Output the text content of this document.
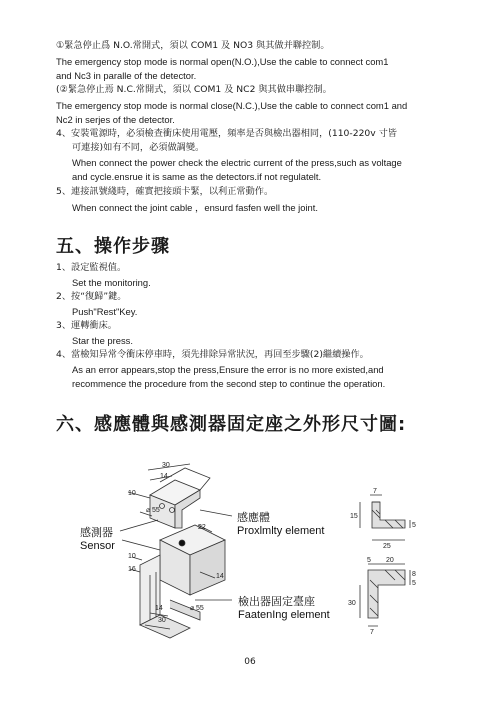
①緊急停止爲 N.O.常開式，須以 COM1 及 NO3 與其做并聯控制。
The emergency stop mode is normal open(N.O.),Use the cable to connect com1
and Nc3 in paralle of the detector.
(②緊急停止焉 N.C.常開式，須以 COM1 及 NC2 與其做串聯控制。
The emergency stop mode is normal close(N.C.),Use the cable to connect com1 and
Nc2 in serjes of the detector.
4、安裝電源時，必須檢查衝床使用電壓，頻率是否與檢出器相同，(110-220v 寸皆
可連接)如有不同，必須做調變。
When connect the power check the electric current of the press,such as voltage
and cycle.ensrue it is same as the detectors.if not regulatelt.
5、連接訊號綫時，確實把接頭卡緊，以利正常動作。
When connect the joint cable ，ensurd fasfen well the joint.
五、操作步骤
1、設定監視值。
Set the monitoring.
2、按“復歸”鍵。
Push"Rest"Key.
3、運轉衝床。
Star the press.
4、當檢知异常令衝床停車時，須先排除异常狀況，再回至步驟(2)繼續操作。
As an error appears,stop the press,Ensure the error is no more existed,and
recommence the procedure from the second step to continue the operation.
六、感應體與感測器固定座之外形尺寸圖:
30
14
10
⌀ 55
22
10
16
14
14	⌀ 55
30
感應體
Proxlmlty element
感測器
Sensor
檢出器固定臺座
FaatenIng element
7
15
5
25
5 20
8
5
30
7
06
